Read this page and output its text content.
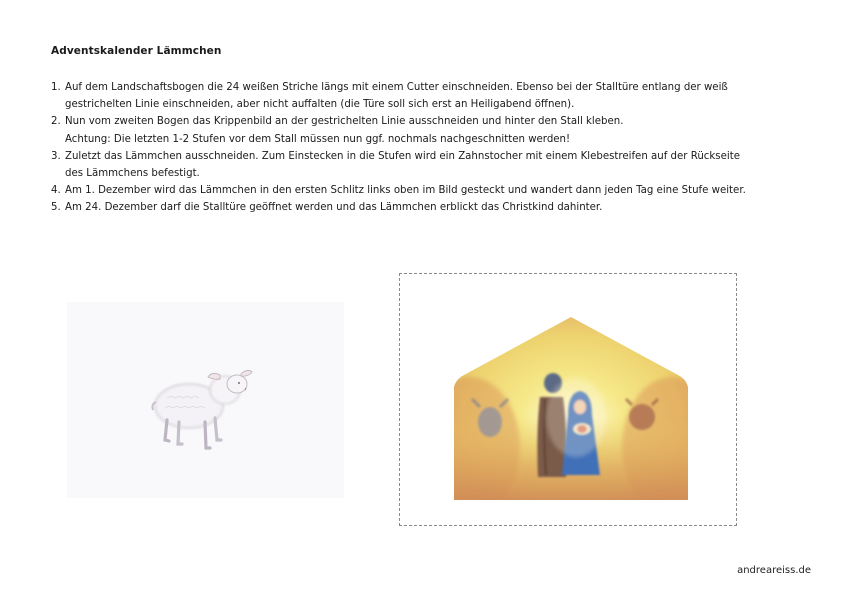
Adventskalender Lämmchen
1. Auf dem Landschaftsbogen die 24 weißen Striche längs mit einem Cutter einschneiden. Ebenso bei der Stalltüre entlang der weiß
gestrichelten Linie einschneiden, aber nicht auffalten (die Türe soll sich erst an Heiligabend öffnen).
2. Nun vom zweiten Bogen das Krippenbild an der gestrichelten Linie ausschneiden und hinter den Stall kleben.
Achtung: Die letzten 1-2 Stufen vor dem Stall müssen nun ggf. nochmals nachgeschnitten werden!
3. Zuletzt das Lämmchen ausschneiden. Zum Einstecken in die Stufen wird ein Zahnstocher mit einem Klebestreifen auf der Rückseite
des Lämmchens befestigt.
4. Am 1. Dezember wird das Lämmchen in den ersten Schlitz links oben im Bild gesteckt und wandert dann jeden Tag eine Stufe weiter.
5. Am 24. Dezember darf die Stalltüre geöffnet werden und das Lämmchen erblickt das Christkind dahinter.
andreareiss.de
